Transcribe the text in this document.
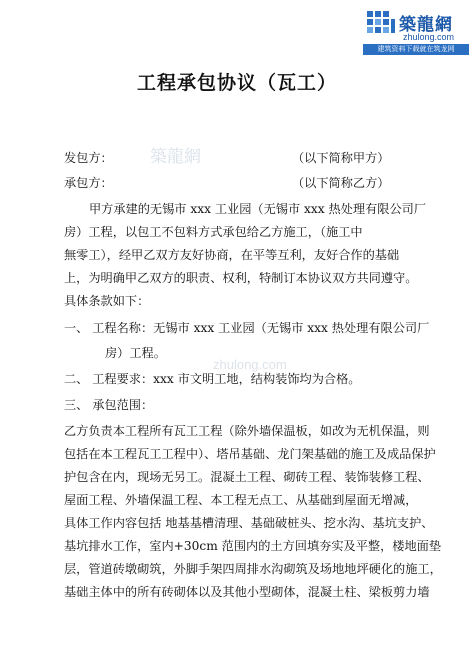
築龍網
zhulong.com
建筑资料下载就在筑龙网
築龍網
zhulong.com
工程承包协议（瓦工）
发包方：	（以下简称甲方）
承包方：	（以下简称乙方）
甲方承建的无锡市 xxx 工业园（无锡市 xxx 热处理有限公司厂
房）工程，以包工不包料方式承包给乙方施工，（施工中
無零工），经甲乙双方友好协商，在平等互利，友好合作的基础
上，为明确甲乙双方的职责、权利，特制订本协议双方共同遵守。
具体条款如下：
一、 工程名称：无锡市 xxx 工业园（无锡市 xxx 热处理有限公司厂
房）工程。
二、 工程要求：xxx 市文明工地，结构装饰均为合格。
三、 承包范围：
乙方负责本工程所有瓦工工程（除外墙保温板，如改为无机保温，则
包括在本工程瓦工工程中）、塔吊基础、龙门架基础的施工及成品保护
护包含在内，现场无另工。混凝土工程、砌砖工程、装饰装修工程、
屋面工程、外墙保温工程、本工程无点工、从基础到屋面无增减，
具体工作内容包括 地基基槽清理、基础破桩头、挖水沟、基坑支护、
基坑排水工作，室内+30cm 范围内的土方回填夯实及平整，楼地面垫
层，管道砖墩砌筑，外脚手架四周排水沟砌筑及场地地坪硬化的施工，
基础主体中的所有砖砌体以及其他小型砌体，混凝土柱、梁板剪力墙
